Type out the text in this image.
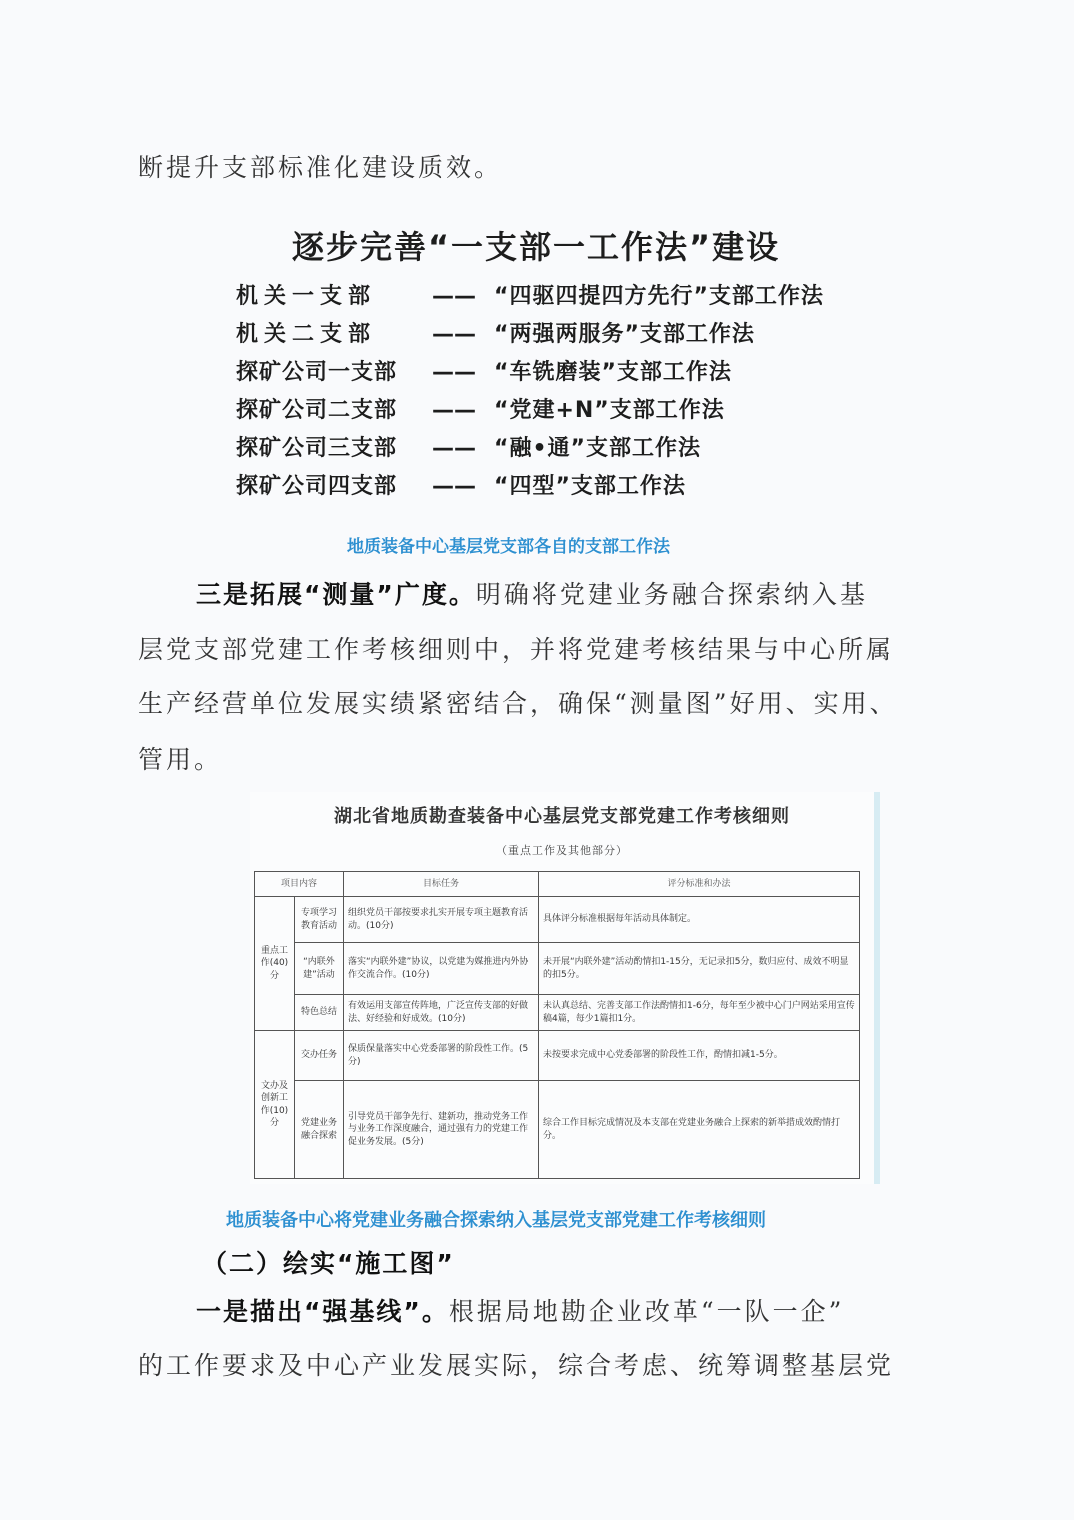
断提升支部标准化建设质效。
逐步完善“一支部一工作法”建设
机关一支部	—— “四驱四提四方先行”支部工作法
机关二支部	—— “两强两服务”支部工作法
探矿公司一支部	—— “车铣磨装”支部工作法
探矿公司二支部	—— “党建+N”支部工作法
探矿公司三支部	—— “融•通”支部工作法
探矿公司四支部	—— “四型”支部工作法
地质装备中心基层党支部各自的支部工作法
三是拓展“测量”广度。明确将党建业务融合探索纳入基
层党支部党建工作考核细则中，并将党建考核结果与中心所属
生产经营单位发展实绩紧密结合，确保“测量图”好用、实用、
管用。
湖北省地质勘查装备中心基层党支部党建工作考核细则
（重点工作及其他部分）
项目内容		目标任务	评分标准和办法
重点工作(40)分	专项学习教育活动	组织党员干部按要求扎实开展专项主题教育活动。(10分)	具体评分标准根据每年活动具体制定。
	“内联外建”活动	落实“内联外建”协议，以党建为媒推进内外协作交流合作。(10分)	未开展“内联外建”活动酌情扣1-15分，无记录扣5分，数归应付、成效不明显的扣5分。
	特色总结	有效运用支部宣传阵地，广泛宣传支部的好做法、好经验和好成效。(10分)	未认真总结、完善支部工作法酌情扣1-6分，每年至少被中心门户网站采用宣传稿4篇，每少1篇扣1分。
文办及创新工作(10)分	交办任务	保质保量落实中心党委部署的阶段性工作。(5分)	未按要求完成中心党委部署的阶段性工作，酌情扣减1-5分。
	党建业务融合探索	引导党员干部争先行、建新功，推动党务工作与业务工作深度融合，通过强有力的党建工作促业务发展。(5分)	综合工作目标完成情况及本支部在党建业务融合上探索的新举措成效酌情打分。
地质装备中心将党建业务融合探索纳入基层党支部党建工作考核细则
（二）绘实“施工图”
一是描出“强基线”。根据局地勘企业改革“一队一企”
的工作要求及中心产业发展实际，综合考虑、统筹调整基层党
